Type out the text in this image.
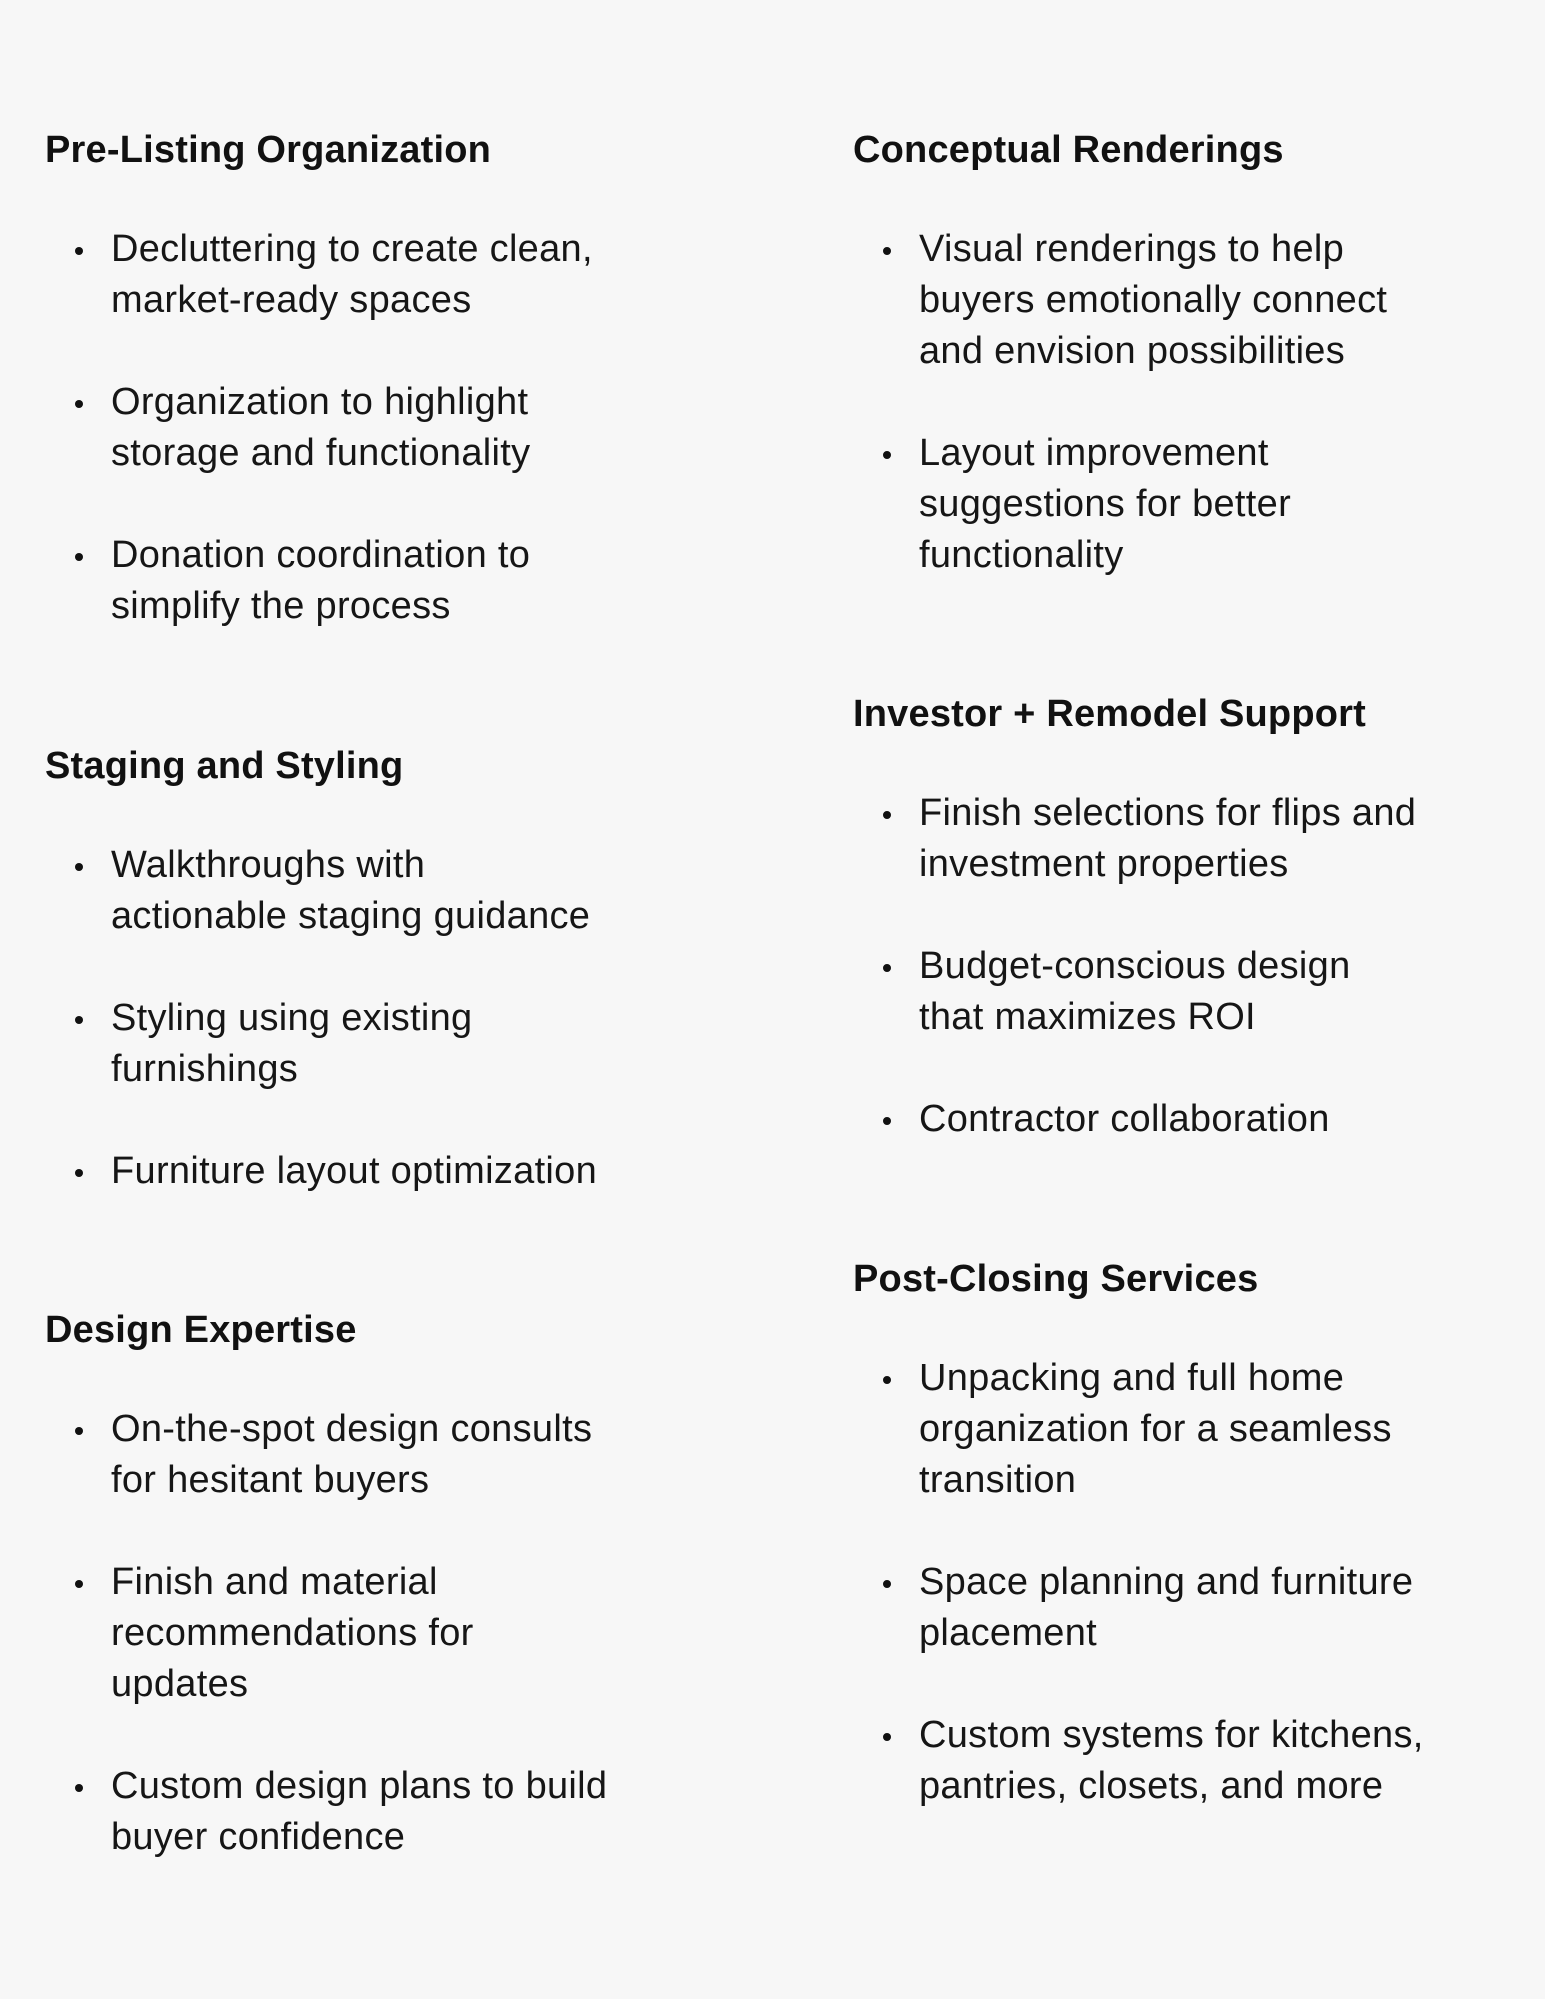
Pre-Listing Organization
Decluttering to create clean,
market-ready spaces
Organization to highlight
storage and functionality
Donation coordination to
simplify the process
Staging and Styling
Walkthroughs with
actionable staging guidance
Styling using existing
furnishings
Furniture layout optimization
Design Expertise
On-the-spot design consults
for hesitant buyers
Finish and material
recommendations for
updates
Custom design plans to build
buyer confidence
Conceptual Renderings
Visual renderings to help
buyers emotionally connect
and envision possibilities
Layout improvement
suggestions for better
functionality
Investor + Remodel Support
Finish selections for flips and
investment properties
Budget-conscious design
that maximizes ROI
Contractor collaboration
Post-Closing Services
Unpacking and full home
organization for a seamless
transition
Space planning and furniture
placement
Custom systems for kitchens,
pantries, closets, and more
